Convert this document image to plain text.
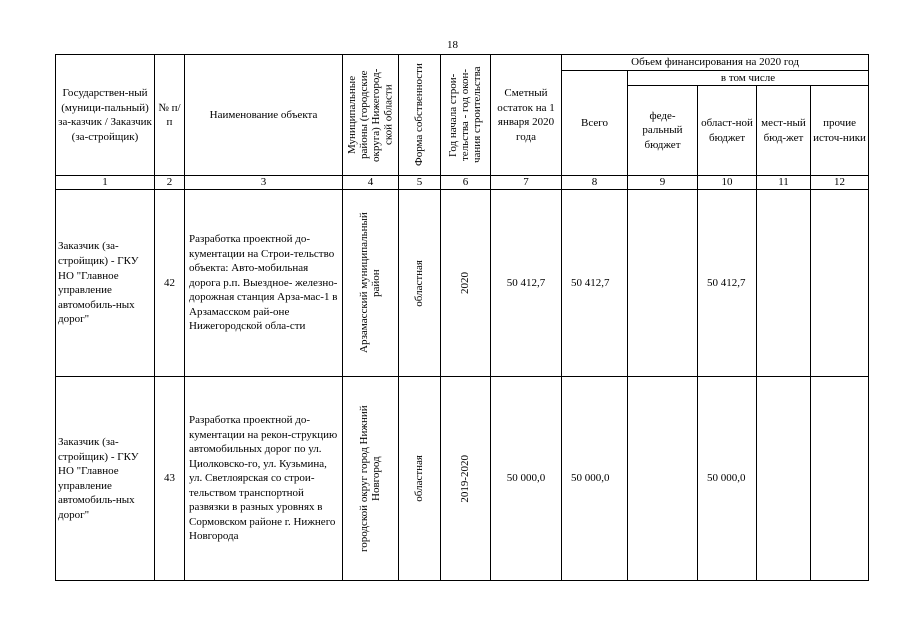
18
Государствен-ный (муници-пальный) за-казчик / Заказчик (за-стройщик)	№ п/п	Наименование объекта	Муниципальные районы (городские округа) Нижегород-ской области	Форма собственности	Год начала строи-тельства - год окон-чания строительства	Сметный остаток на 1 января 2020 года	Объем финансирования на 2020 год				
							Всего	в том числе			

								феде-ральный бюджет	област-ной бюджет	мест-ный бюд-жет	прочие источ-ники

1	2	3	4	5	6	7	8	9	10	11	12
Заказчик (за-стройщик) - ГКУ НО "Главное управление автомобиль-ных дорог"	42	Разработка проектной до-кументации на Строи-тельство объекта: Авто-мобильная дорога р.п. Выездное- железно-дорожная станция Арза-мас-1 в Арзамасском рай-оне Нижегородской обла-сти	Арзамасский муниципальный район	областная	2020	50 412,7	50 412,7		50 412,7		
Заказчик (за-стройщик) - ГКУ НО "Главное управление автомобиль-ных дорог"	43	Разработка проектной до-кументации на рекон-струкцию автомобильных дорог по ул. Циолковско-го, ул. Кузьмина, ул. Светлоярская со строи-тельством транспортной развязки в разных уровнях в Сормовском районе г. Нижнего Новгорода	городской округ город Нижний Новгород	областная	2019-2020	50 000,0	50 000,0		50 000,0		
